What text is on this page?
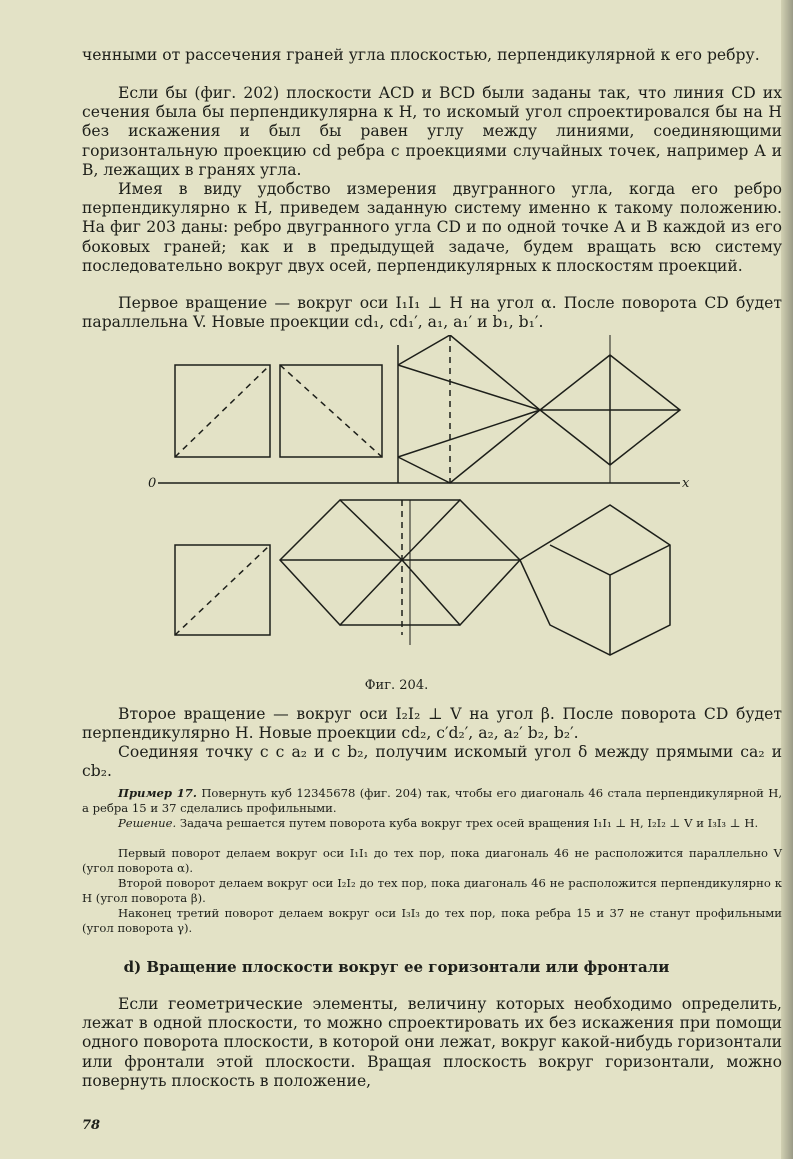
ченными от рассечения граней угла плоскостью, перпендикулярной к его ребру.

Если бы (фиг. 202) плоскости ACD и BCD были заданы так, что линия CD их сечения была бы перпендикулярна к H, то искомый угол спроектировался бы на H без искажения и был бы равен углу между линиями, соединяющими горизонтальную проекцию cd ребра с проекциями случайных точек, например A и B, лежащих в гранях угла.

Имея в виду удобство измерения двугранного угла, когда его ребро перпендикулярно к H, приведем заданную систему именно к такому положению. На фиг 203 даны: ребро двугранного угла CD и по одной точке A и B каждой из его боковых граней; как и в предыдущей задаче, будем вращать всю систему последовательно вокруг двух осей, перпендикулярных к плоскостям проекций.

Первое вращение — вокруг оси I₁I₁ ⊥ H на угол α. После поворота CD будет параллельна V. Новые проекции cd₁, cd₁′, a₁, a₁′ и b₁, b₁′.

0	x
Фиг. 204.

Второе вращение — вокруг оси I₂I₂ ⊥ V на угол β. После поворота CD будет перпендикулярно H. Новые проекции cd₂, c′d₂′, a₂, a₂′ b₂, b₂′.

Соединяя точку c с a₂ и с b₂, получим искомый угол δ между прямыми ca₂ и cb₂.

Пример 17. Повернуть куб 12345678 (фиг. 204) так, чтобы его диагональ 46 стала перпендикулярной H, а ребра 15 и 37 сделались профильными.

Решение. Задача решается путем поворота куба вокруг трех осей вращения I₁I₁ ⊥ H, I₂I₂ ⊥ V и I₃I₃ ⊥ H.

Первый поворот делаем вокруг оси I₁I₁ до тех пор, пока диагональ 46 не расположится параллельно V (угол поворота α).

Второй поворот делаем вокруг оси I₂I₂ до тех пор, пока диагональ 46 не расположится перпендикулярно к H (угол поворота β).

Наконец третий поворот делаем вокруг оси I₃I₃ до тех пор, пока ребра 15 и 37 не станут профильными (угол поворота γ).

d) Вращение плоскости вокруг ее горизонтали или фронтали

Если геометрические элементы, величину которых необходимо определить, лежат в одной плоскости, то можно спроектировать их без искажения при помощи одного поворота плоскости, в которой они лежат, вокруг какой-нибудь горизонтали или фронтали этой плоскости. Вращая плоскость вокруг горизонтали, можно повернуть плоскость в положение,

78
